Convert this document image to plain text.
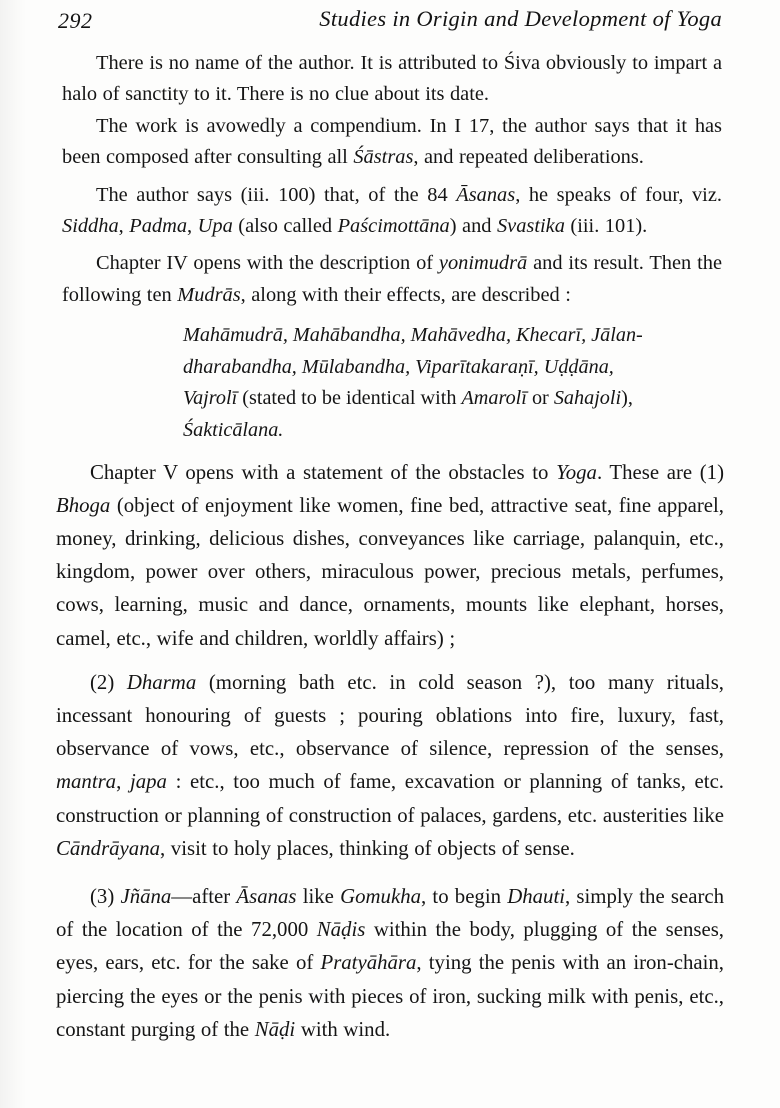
292	Studies in Origin and Development of Yoga

There is no name of the author. It is attributed to Śiva obviously to impart a halo of sanctity to it. There is no clue about its date.

The work is avowedly a compendium. In I 17, the author says that it has been composed after consulting all Śāstras, and repeated deliberations.

The author says (iii. 100) that, of the 84 Āsanas, he speaks of four, viz. Siddha, Padma, Upa (also called Paścimottāna) and Svastika (iii. 101).

Chapter IV opens with the description of yonimudrā and its result. Then the following ten Mudrās, along with their effects, are described :

Mahāmudrā, Mahābandha, Mahāvedha, Khecarī, Jālan-
dharabandha, Mūlabandha, Viparītakaraṇī, Uḍḍāna,
Vajrolī (stated to be identical with Amarolī or Sahajoli),
Śakticālana.

Chapter V opens with a statement of the obstacles to Yoga. These are (1) Bhoga (object of enjoyment like women, fine bed, attractive seat, fine apparel, money, drinking, delicious dishes, conveyances like carriage, palanquin, etc., kingdom, power over others, miraculous power, precious metals, perfumes, cows, learning, music and dance, ornaments, mounts like elephant, horses, camel, etc., wife and children, worldly affairs) ;

(2) Dharma (morning bath etc. in cold season ?), too many rituals, incessant honouring of guests ; pouring oblations into fire, luxury, fast, observance of vows, etc., observance of silence, repression of the senses, mantra, japa : etc., too much of fame, excavation or planning of tanks, etc. construction or planning of construction of palaces, gardens, etc. austerities like Cāndrāyana, visit to holy places, thinking of objects of sense.

(3) Jñāna—after Āsanas like Gomukha, to begin Dhauti, simply the search of the location of the 72,000 Nāḍis within the body, plugging of the senses, eyes, ears, etc. for the sake of Pratyāhāra, tying the penis with an iron-chain, piercing the eyes or the penis with pieces of iron, sucking milk with penis, etc., constant purging of the Nāḍi with wind.
